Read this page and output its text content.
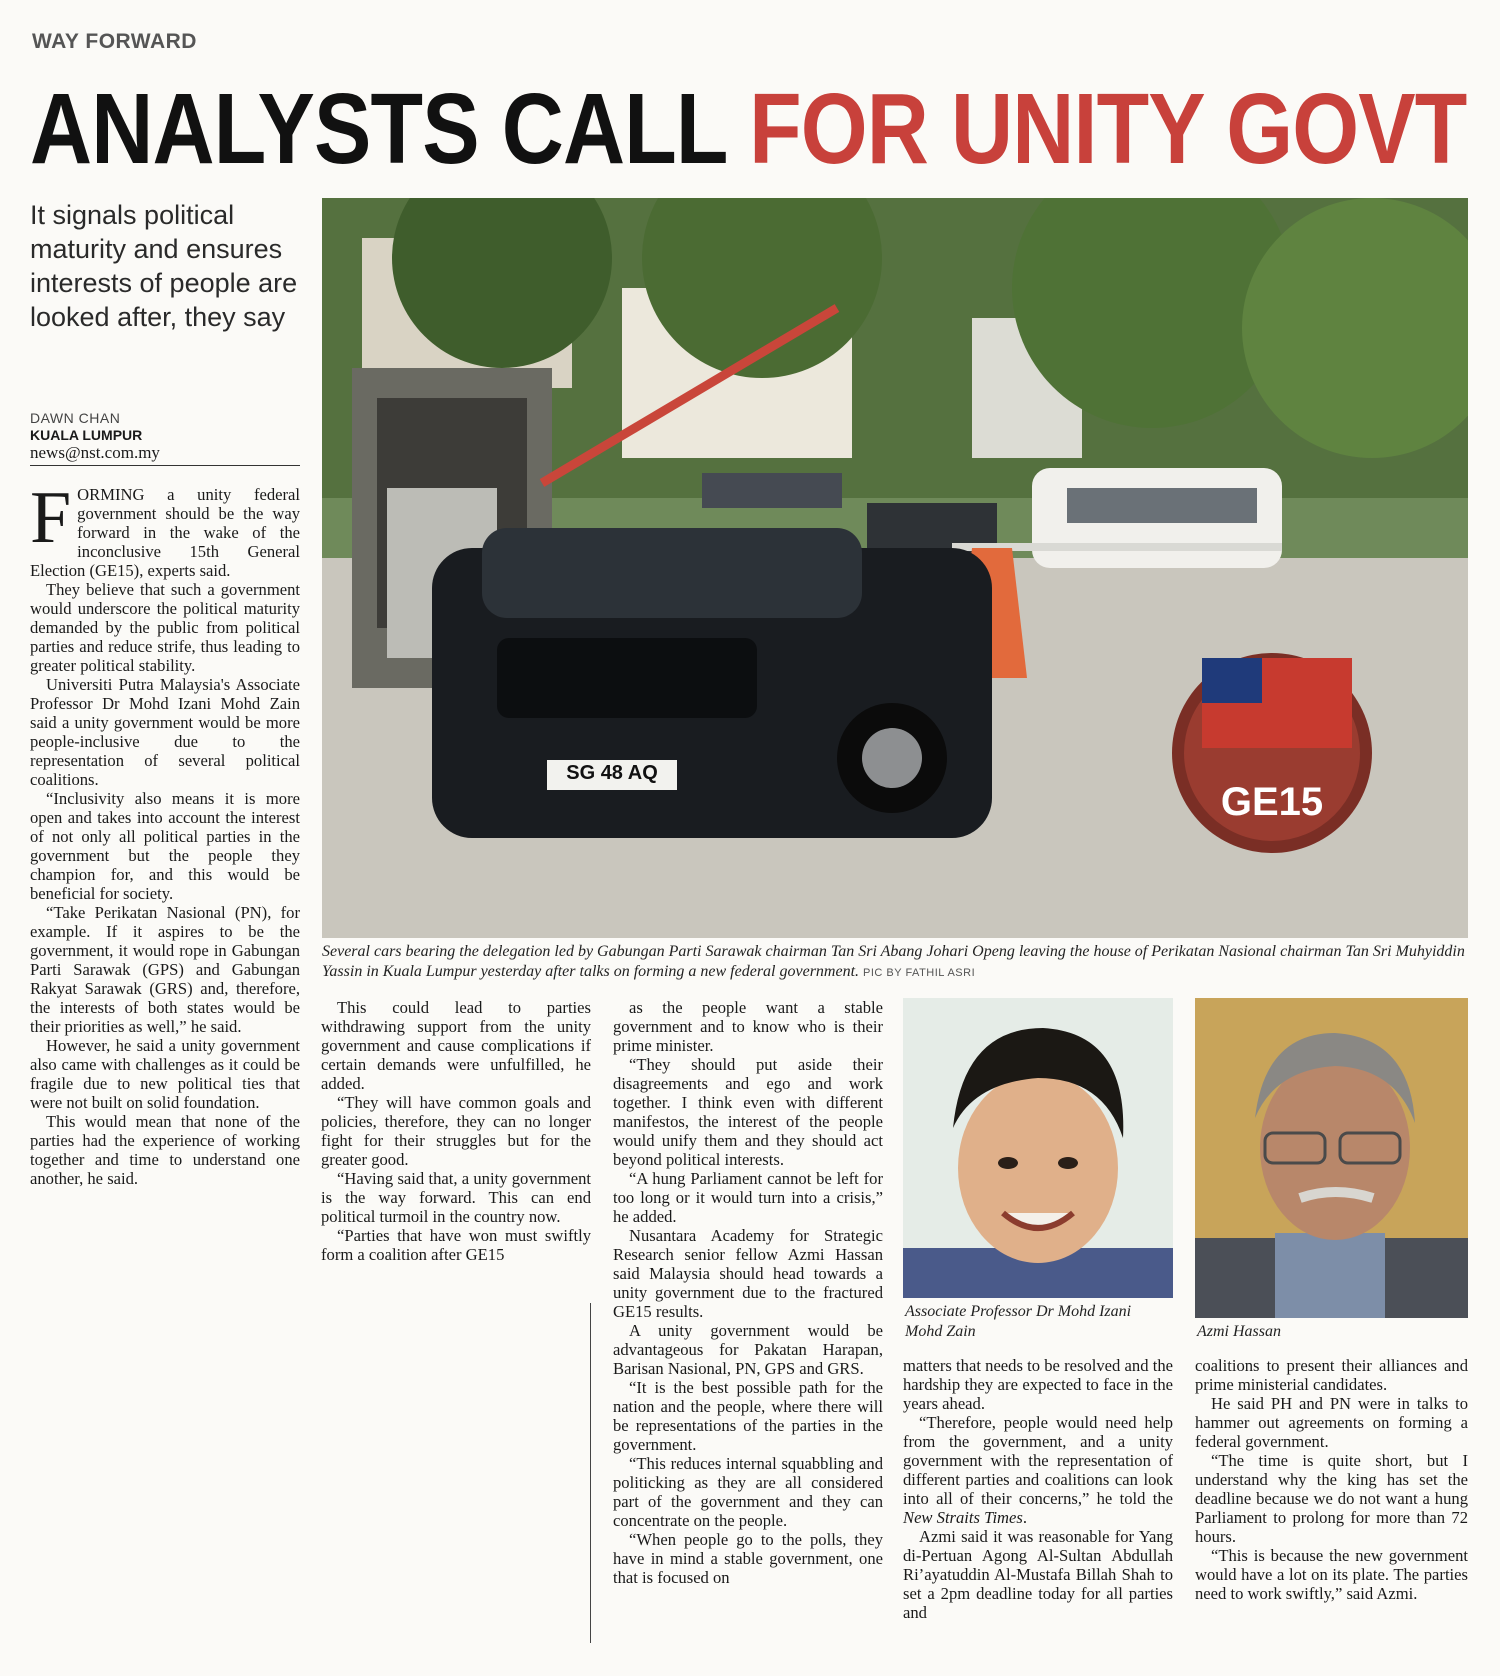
WAY FORWARD
ANALYSTS CALL FOR UNITY GOVT
It signals political maturity and ensures interests of people are looked after, they say
DAWN CHAN
KUALA LUMPUR
news@nst.com.my

FORMING a unity federal government should be the way forward in the wake of the inconclusive 15th General Election (GE15), experts said.

They believe that such a government would underscore the political maturity demanded by the public from political parties and reduce strife, thus leading to greater political stability.

Universiti Putra Malaysia's Associate Professor Dr Mohd Izani Mohd Zain said a unity government would be more people-inclusive due to the representation of several political coalitions.

“Inclusivity also means it is more open and takes into account the interest of not only all political parties in the government but the people they champion for, and this would be beneficial for society.

“Take Perikatan Nasional (PN), for example. If it aspires to be the government, it would rope in Gabungan Parti Sarawak (GPS) and Gabungan Rakyat Sarawak (GRS) and, therefore, the interests of both states would be their priorities as well,” he said.

However, he said a unity government also came with challenges as it could be fragile due to new political ties that were not built on solid foundation.

This would mean that none of the parties had the experience of working together and time to understand one another, he said.

SG 48 AQ
GE15
Several cars bearing the delegation led by Gabungan Parti Sarawak chairman Tan Sri Abang Johari Openg leaving the house of Perikatan Nasional chairman Tan Sri Muhyiddin Yassin in Kuala Lumpur yesterday after talks on forming a new federal government. PIC BY FATHIL ASRI

This could lead to parties withdrawing support from the unity government and cause complications if certain demands were unfulfilled, he added.

“They will have common goals and policies, therefore, they can no longer fight for their struggles but for the greater good.

“Having said that, a unity government is the way forward. This can end political turmoil in the country now.

“Parties that have won must swiftly form a coalition after GE15

as the people want a stable government and to know who is their prime minister.

“They should put aside their disagreements and ego and work together. I think even with different manifestos, the interest of the people would unify them and they should act beyond political interests.

“A hung Parliament cannot be left for too long or it would turn into a crisis,” he added.

Nusantara Academy for Strategic Research senior fellow Azmi Hassan said Malaysia should head towards a unity government due to the fractured GE15 results.

A unity government would be advantageous for Pakatan Harapan, Barisan Nasional, PN, GPS and GRS.

“It is the best possible path for the nation and the people, where there will be representations of the parties in the government.

“This reduces internal squabbling and politicking as they are all considered part of the government and they can concentrate on the people.

“When people go to the polls, they have in mind a stable government, one that is focused on

Associate Professor Dr Mohd Izani Mohd Zain	Azmi Hassan

matters that needs to be resolved and the hardship they are expected to face in the years ahead.

“Therefore, people would need help from the government, and a unity government with the representation of different parties and coalitions can look into all of their concerns,” he told the New Straits Times.

Azmi said it was reasonable for Yang di-Pertuan Agong Al-Sultan Abdullah Ri’ayatuddin Al-Mustafa Billah Shah to set a 2pm deadline today for all parties and

coalitions to present their alliances and prime ministerial candidates.

He said PH and PN were in talks to hammer out agreements on forming a federal government.

“The time is quite short, but I understand why the king has set the deadline because we do not want a hung Parliament to prolong for more than 72 hours.

“This is because the new government would have a lot on its plate. The parties need to work swiftly,” said Azmi.
